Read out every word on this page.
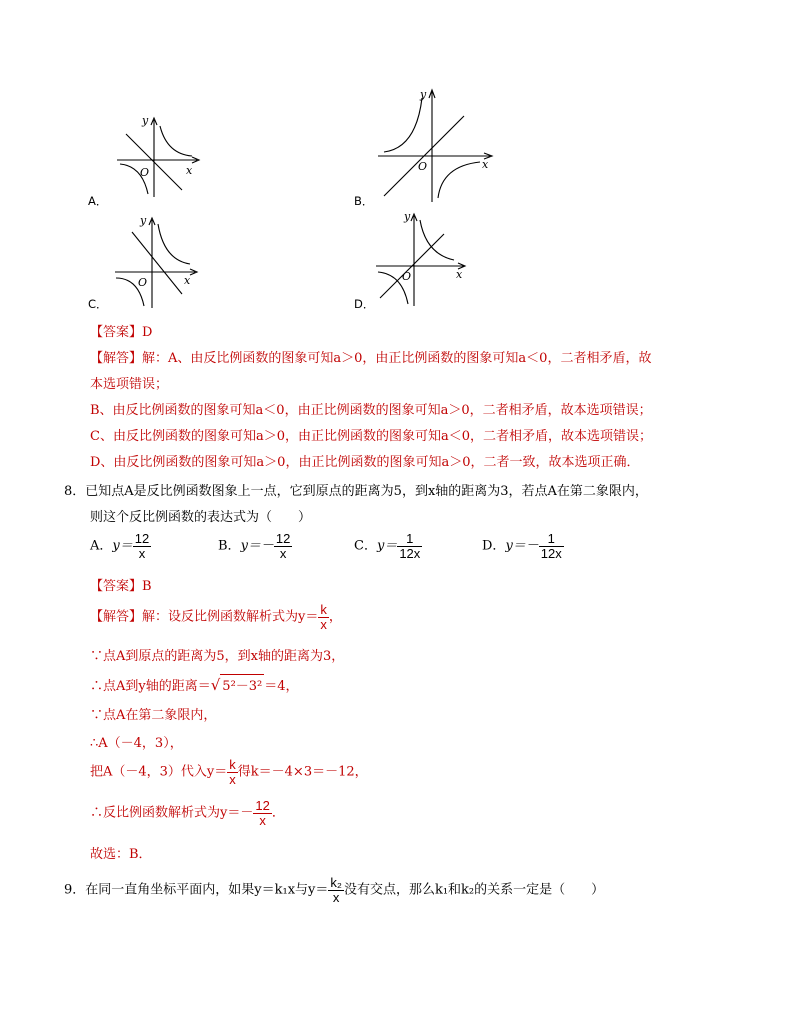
y
x
O
A．
y
x
O
B．
y
x
O
C．
y
x
O
D．
【答案】D
【解答】解：A、由反比例函数的图象可知a＞0，由正比例函数的图象可知a＜0，二者相矛盾，故
本选项错误；
B、由反比例函数的图象可知a＜0，由正比例函数的图象可知a＞0，二者相矛盾，故本选项错误；
C、由反比例函数的图象可知a＞0，由正比例函数的图象可知a＜0，二者相矛盾，故本选项错误；
D、由反比例函数的图象可知a＞0，由正比例函数的图象可知a＞0，二者一致，故本选项正确．
8．已知点A是反比例函数图象上一点，它到原点的距离为5，到x轴的距离为3，若点A在第二象限内，
则这个反比例函数的表达式为（　　）
A．$y= \frac{12}{x}$	B．$y=- \frac{12}{x}$	C．$y= \frac{1}{12x}$	D．$y=- \frac{1}{12x}$
【答案】B
【解答】解：设反比例函数解析式为$y= \frac{k}{x}$ ，
∵点A到原点的距离为5，到x轴的距离为3，
∴点A到y轴的距离＝√ 5²－3² ＝4，
∵点A在第二象限内，
∴A（－4，3），
把A（－4，3）代入$y= \frac{k}{x}$ 得k＝－4×3＝－12，
∴反比例函数解析式为$y=- \frac{12}{x}$ ．
故选：B．
9．在同一直角坐标平面内，如果y＝k₁x与$y= \frac{\text{k₂}}{x}$ 没有交点，那么k₁和k₂的关系一定是（　　）
